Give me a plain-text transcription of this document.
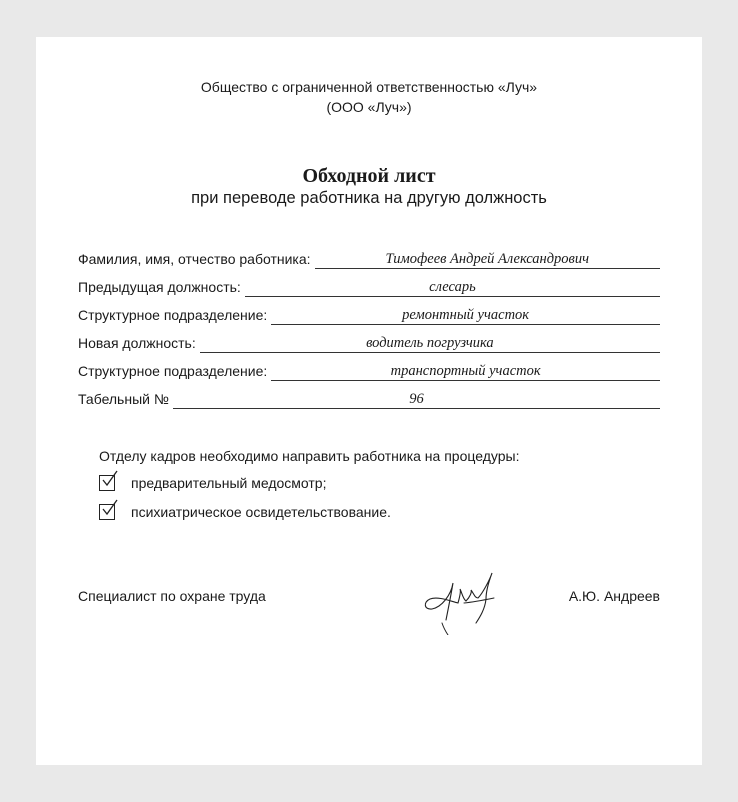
Общество с ограниченной ответственностью «Луч»
(ООО «Луч»)
Обходной лист
при переводе работника на другую должность
Фамилия, имя, отчество работника:	Тимофеев Андрей Александрович
Предыдущая должность:	слесарь
Структурное подразделение:	ремонтный участок
Новая должность:	водитель погрузчика
Структурное подразделение:	транспортный участок
Табельный №	96
Отделу кадров необходимо направить работника на процедуры:
предварительный медосмотр;
психиатрическое освидетельствование.
Специалист по охране труда	А.Ю. Андреев
